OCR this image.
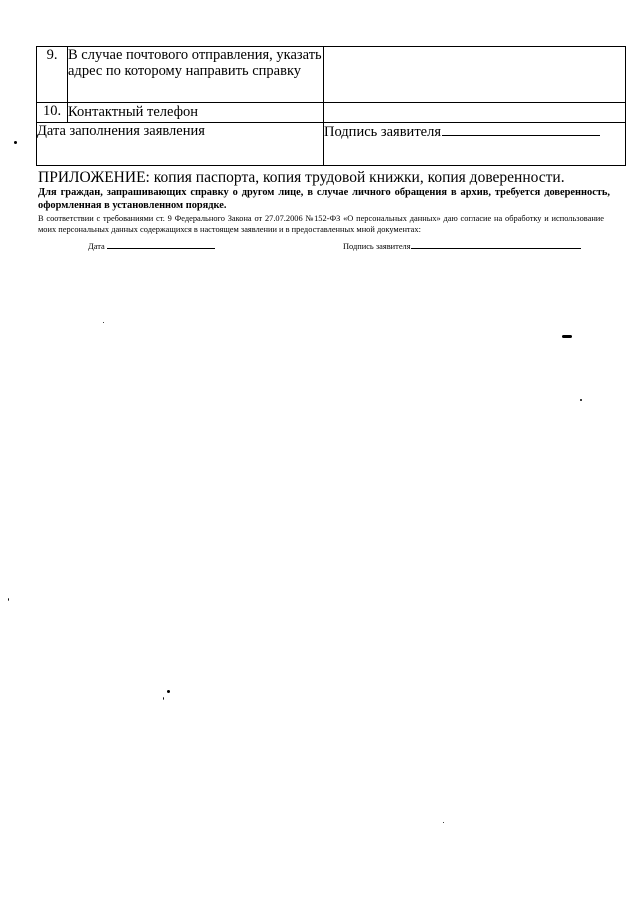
9.	В случае почтового отправления, указать адрес по которому направить справку	
10.	Контактный телефон	
Дата заполнения заявления		Подпись заявителя
ПРИЛОЖЕНИЕ: копия паспорта, копия трудовой книжки, копия доверенности.
Для граждан, запрашивающих справку о другом лице, в случае личного обращения в архив, требуется доверенность, оформленная в установленном порядке.
В соответствии с требованиями ст. 9 Федерального Закона от 27.07.2006 №152-ФЗ «О персональных данных» даю согласие на обработку и использование моих персональных данных содержащихся в настоящем заявлении и в предоставленных мной документах:
Дата	Подпись заявителя
